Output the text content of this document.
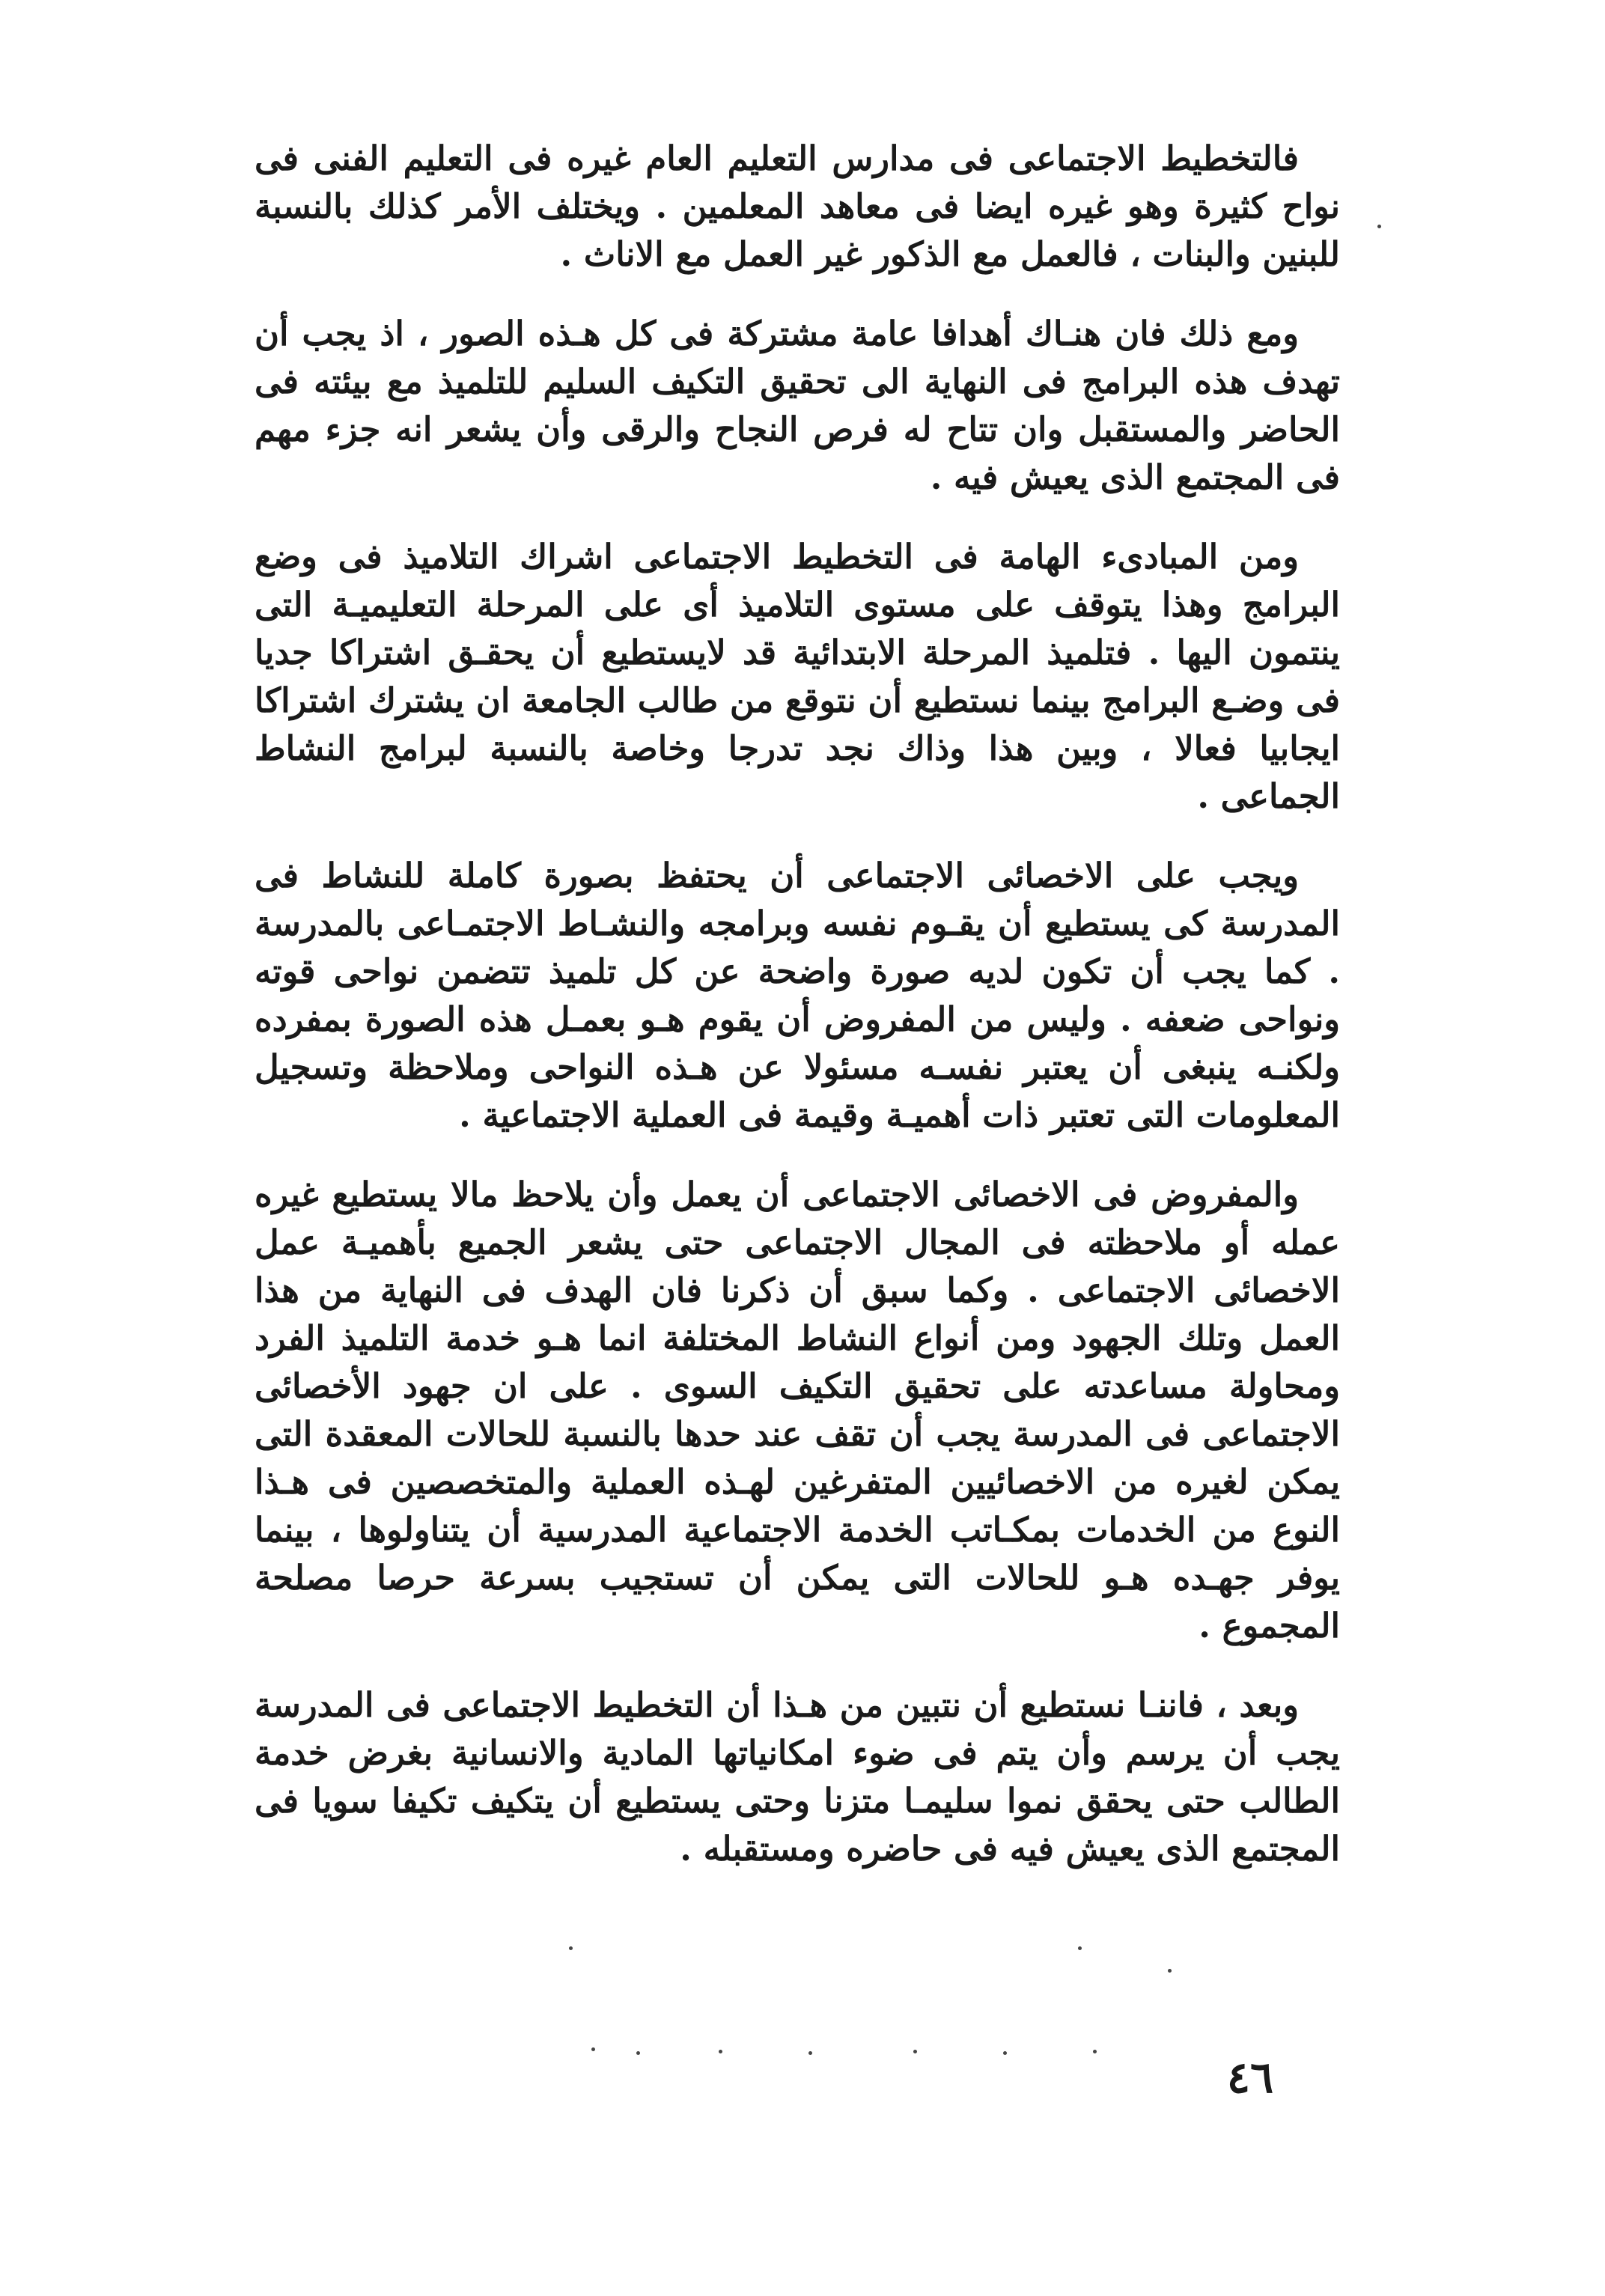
فالتخطيط الاجتماعى فى مدارس التعليم العام غيره فى التعليم الفنى فى نواح كثيرة وهو غيره ايضا فى معاهد المعلمين . ويختلف الأمر كذلك بالنسبة للبنين والبنات ، فالعمل مع الذكور غير العمل مع الاناث .

ومع ذلك فان هنـاك أهدافا عامة مشتركة فى كل هـذه الصور ، اذ يجب أن تهدف هذه البرامج فى النهاية الى تحقيق التكيف السليم للتلميذ مع بيئته فى الحاضر والمستقبل وان تتاح له فرص النجاح والرقى وأن يشعر انه جزء مهم فى المجتمع الذى يعيش فيه .

ومن المبادىء الهامة فى التخطيط الاجتماعى اشراك التلاميذ فى وضع البرامج وهذا يتوقف على مستوى التلاميذ أى على المرحلة التعليميـة التى ينتمون اليها . فتلميذ المرحلة الابتدائية قد لايستطيع أن يحقـق اشتراكا جديا فى وضـع البرامج بينما نستطيع أن نتوقع من طالب الجامعة ان يشترك اشتراكا ايجابيا فعالا ، وبين هذا وذاك نجد تدرجا وخاصة بالنسبة لبرامج النشاط الجماعى .

ويجب على الاخصائى الاجتماعى أن يحتفظ بصورة كاملة للنشاط فى المدرسة كى يستطيع أن يقـوم نفسه وبرامجه والنشـاط الاجتمـاعى بالمدرسة . كما يجب أن تكون لديه صورة واضحة عن كل تلميذ تتضمن نواحى قوته ونواحى ضعفه . وليس من المفروض أن يقوم هـو بعمـل هذه الصورة بمفرده ولكنـه ينبغى أن يعتبر نفسـه مسئولا عن هـذه النواحى وملاحظة وتسجيل المعلومات التى تعتبر ذات أهميـة وقيمة فى العملية الاجتماعية .

والمفروض فى الاخصائى الاجتماعى أن يعمل وأن يلاحظ مالا يستطيع غيره عمله أو ملاحظته فى المجال الاجتماعى حتى يشعر الجميع بأهميـة عمل الاخصائى الاجتماعى . وكما سبق أن ذكرنا فان الهدف فى النهاية من هذا العمل وتلك الجهود ومن أنواع النشاط المختلفة انما هـو خدمة التلميذ الفرد ومحاولة مساعدته على تحقيق التكيف السوى . على ان جهود الأخصائى الاجتماعى فى المدرسة يجب أن تقف عند حدها بالنسبة للحالات المعقدة التى يمكن لغيره من الاخصائيين المتفرغين لهـذه العملية والمتخصصين فى هـذا النوع من الخدمات بمكـاتب الخدمة الاجتماعية المدرسية أن يتناولوها ، بينما يوفر جهـده هـو للحالات التى يمكن أن تستجيب بسرعة حرصا مصلحة المجموع .

وبعد ، فاننـا نستطيع أن نتبين من هـذا أن التخطيط الاجتماعى فى المدرسة يجب أن يرسم وأن يتم فى ضوء امكانياتها المادية والانسانية بغرض خدمة الطالب حتى يحقق نموا سليمـا متزنا وحتى يستطيع أن يتكيف تكيفا سويا فى المجتمع الذى يعيش فيه فى حاضره ومستقبله .

٤٦
